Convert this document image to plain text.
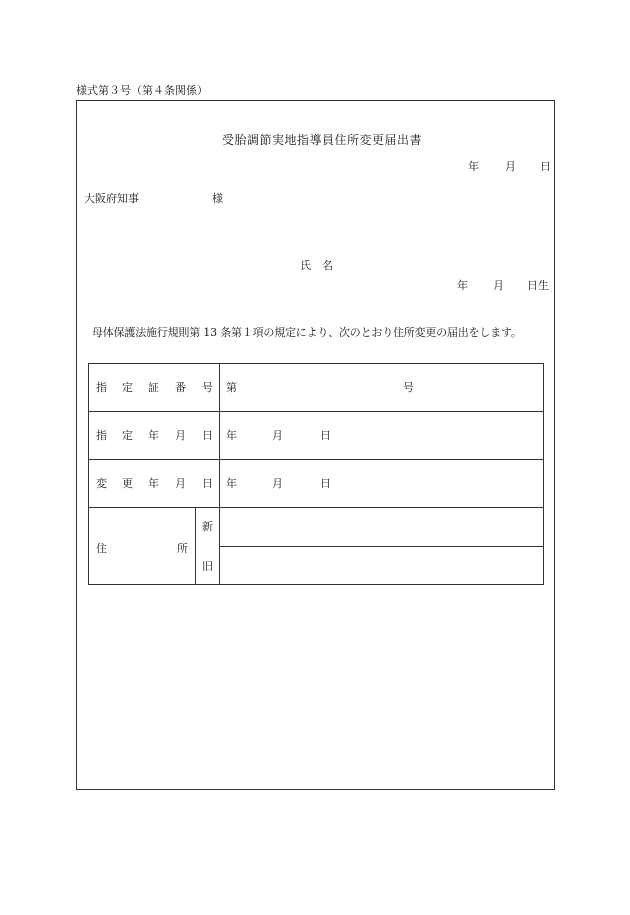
様式第３号（第４条関係）
受胎調節実地指導員住所変更届出書
年 月 日
大阪府知事	様
氏　名
年 月 日生
母体保護法施行規則第 13 条第１項の規定により、次のとおり住所変更の届出をします。
指 定 証 番 号 第	号
指 定 年 月 日 年	月	日
変 更 年 月 日 年	月	日
住	所
新
旧
